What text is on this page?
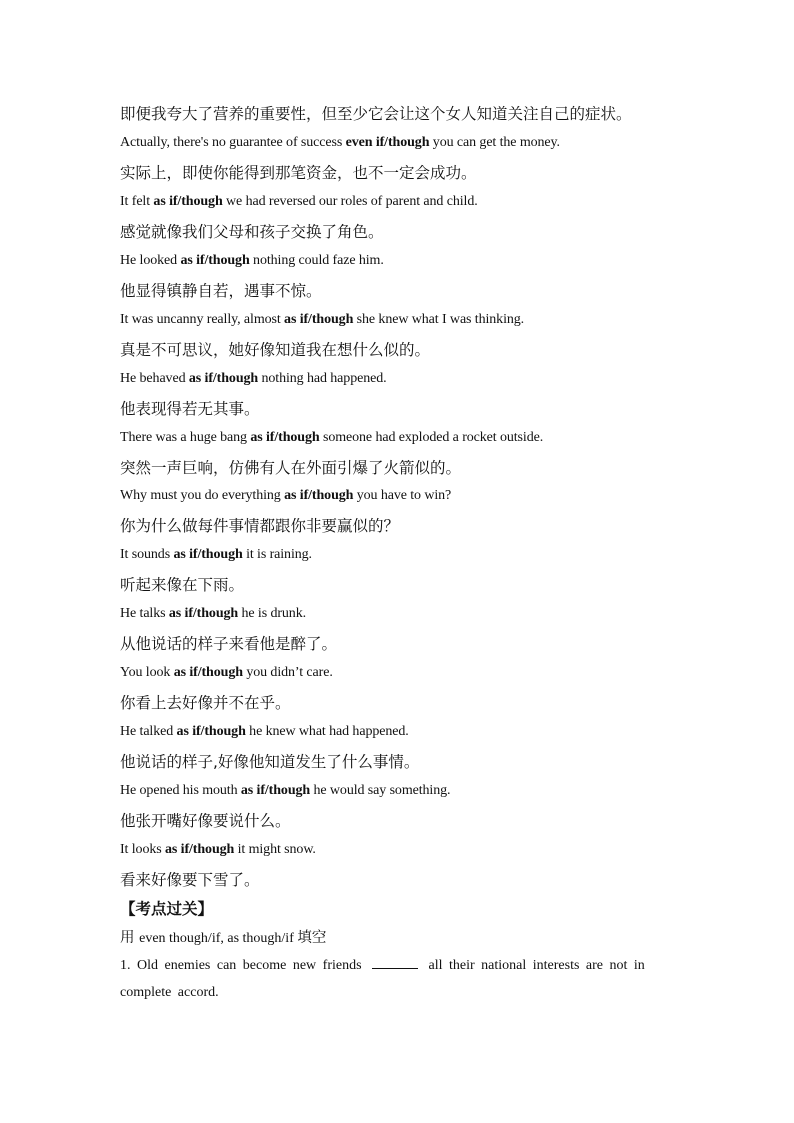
即便我夸大了营养的重要性，但至少它会让这个女人知道关注自己的症状。
Actually, there's no guarantee of success even if/though you can get the money.
实际上，即使你能得到那笔资金，也不一定会成功。
It felt as if/though we had reversed our roles of parent and child.
感觉就像我们父母和孩子交换了角色。
He looked as if/though nothing could faze him.
他显得镇静自若，遇事不惊。
It was uncanny really, almost as if/though she knew what I was thinking.
真是不可思议，她好像知道我在想什么似的。
He behaved as if/though nothing had happened.
他表现得若无其事。
There was a huge bang as if/though someone had exploded a rocket outside.
突然一声巨响，仿佛有人在外面引爆了火箭似的。
Why must you do everything as if/though you have to win?
你为什么做每件事情都跟你非要赢似的？
It sounds as if/though it is raining.
听起来像在下雨。
He talks as if/though he is drunk.
从他说话的样子来看他是醉了。
You look as if/though you didn’t care.
你看上去好像并不在乎。
He talked as if/though he knew what had happened.
他说话的样子,好像他知道发生了什么事情。
He opened his mouth as if/though he would say something.
他张开嘴好像要说什么。
It looks as if/though it might snow.
看来好像要下雪了。
【考点过关】
用 even though/if, as though/if 填空
1. Old enemies can become new friends	all their national interests are not in
complete accord.
